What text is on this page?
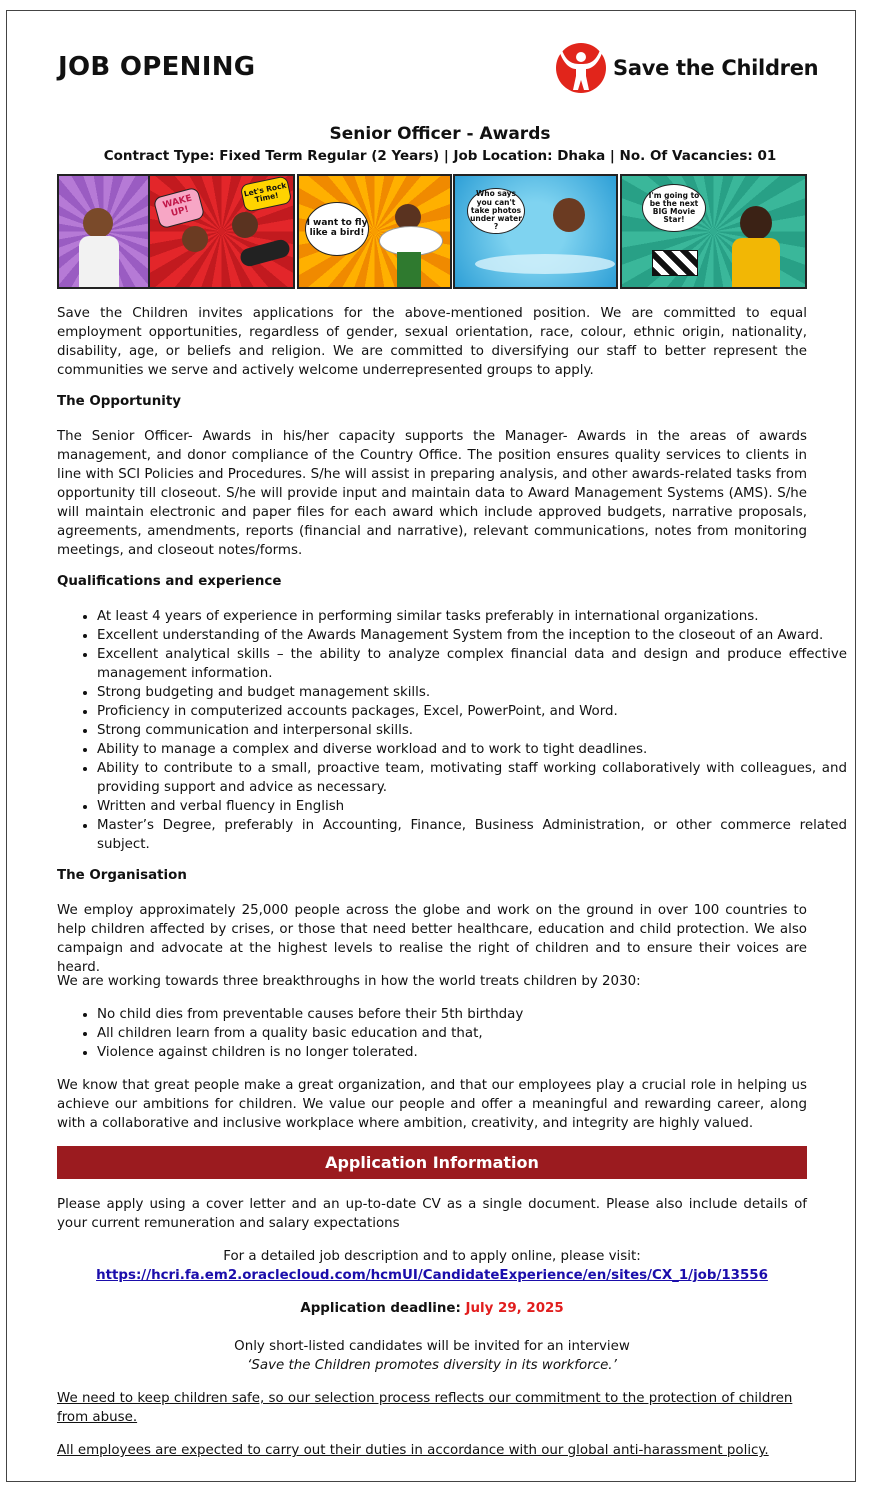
JOB OPENING	Save the Children
Senior Officer - Awards
Contract Type: Fixed Term Regular (2 Years) | Job Location: Dhaka | No. Of Vacancies: 01
WAKE UP!
Let's Rock Time!
I want to fly like a bird!
Who says you can't take photos under water ?
I'm going to be the next BIG Movie Star!

Save the Children invites applications for the above-mentioned position. We are committed to equal employment opportunities, regardless of gender, sexual orientation, race, colour, ethnic origin, nationality, disability, age, or beliefs and religion. We are committed to diversifying our staff to better represent the communities we serve and actively welcome underrepresented groups to apply.

The Opportunity

The Senior Officer- Awards in his/her capacity supports the Manager- Awards in the areas of awards management, and donor compliance of the Country Office. The position ensures quality services to clients in line with SCI Policies and Procedures. S/he will assist in preparing analysis, and other awards-related tasks from opportunity till closeout. S/he will provide input and maintain data to Award Management Systems (AMS). S/he will maintain electronic and paper files for each award which include approved budgets, narrative proposals, agreements, amendments, reports (financial and narrative), relevant communications, notes from monitoring meetings, and closeout notes/forms.

Qualifications and experience

• At least 4 years of experience in performing similar tasks preferably in international organizations.
• Excellent understanding of the Awards Management System from the inception to the closeout of an Award.
• Excellent analytical skills – the ability to analyze complex financial data and design and produce effective management information.
• Strong budgeting and budget management skills.
• Proficiency in computerized accounts packages, Excel, PowerPoint, and Word.
• Strong communication and interpersonal skills.
• Ability to manage a complex and diverse workload and to work to tight deadlines.
• Ability to contribute to a small, proactive team, motivating staff working collaboratively with colleagues, and providing support and advice as necessary.
• Written and verbal fluency in English
• Master’s Degree, preferably in Accounting, Finance, Business Administration, or other commerce related subject.

The Organisation

We employ approximately 25,000 people across the globe and work on the ground in over 100 countries to help children affected by crises, or those that need better healthcare, education and child protection. We also campaign and advocate at the highest levels to realise the right of children and to ensure their voices are heard.

We are working towards three breakthroughs in how the world treats children by 2030:

• No child dies from preventable causes before their 5th birthday
• All children learn from a quality basic education and that,
• Violence against children is no longer tolerated.

We know that great people make a great organization, and that our employees play a crucial role in helping us achieve our ambitions for children. We value our people and offer a meaningful and rewarding career, along with a collaborative and inclusive workplace where ambition, creativity, and integrity are highly valued.

Application Information

Please apply using a cover letter and an up-to-date CV as a single document. Please also include details of your current remuneration and salary expectations

For a detailed job description and to apply online, please visit:
https://hcri.fa.em2.oraclecloud.com/hcmUI/CandidateExperience/en/sites/CX_1/job/13556
Application deadline: July 29, 2025
Only short-listed candidates will be invited for an interview
‘Save the Children promotes diversity in its workforce.’
We need to keep children safe, so our selection process reflects our commitment to the protection of children from abuse.
All employees are expected to carry out their duties in accordance with our global anti-harassment policy.
